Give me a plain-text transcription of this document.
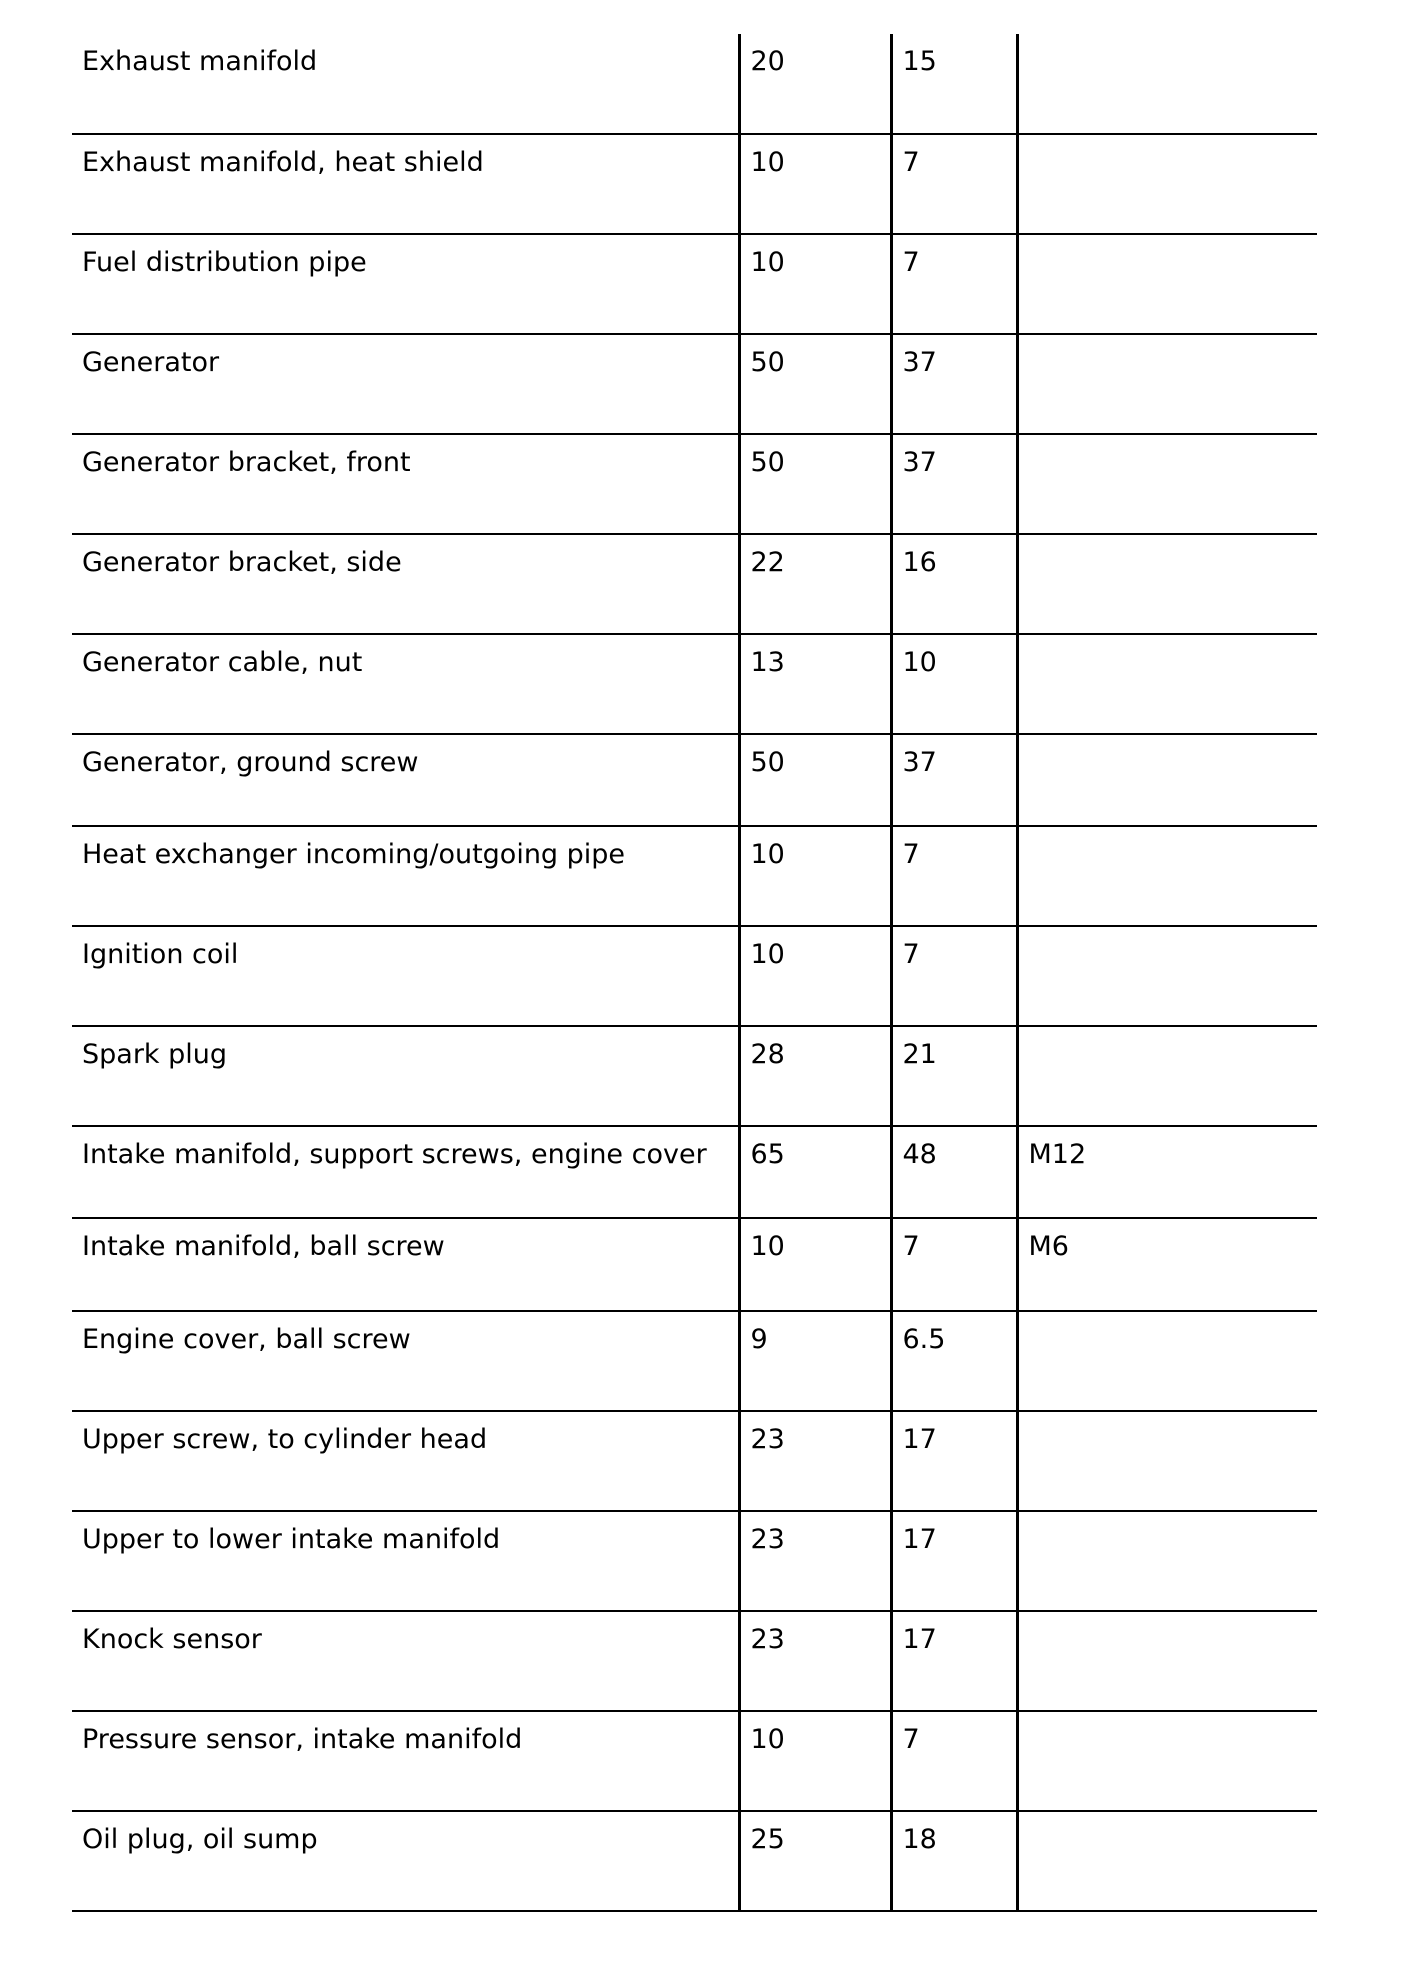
Exhaust manifold	20	15	
Exhaust manifold, heat shield	10	7	
Fuel distribution pipe	10	7	
Generator	50	37	
Generator bracket, front	50	37	
Generator bracket, side	22	16	
Generator cable, nut	13	10	
Generator, ground screw	50	37	
Heat exchanger incoming/outgoing pipe	10	7	
Ignition coil	10	7	
Spark plug	28	21	
Intake manifold, support screws, engine cover	65	48	M12
Intake manifold, ball screw	10	7	M6
Engine cover, ball screw	9	6.5	
Upper screw, to cylinder head	23	17	
Upper to lower intake manifold	23	17	
Knock sensor	23	17	
Pressure sensor, intake manifold	10	7	
Oil plug, oil sump	25	18	
